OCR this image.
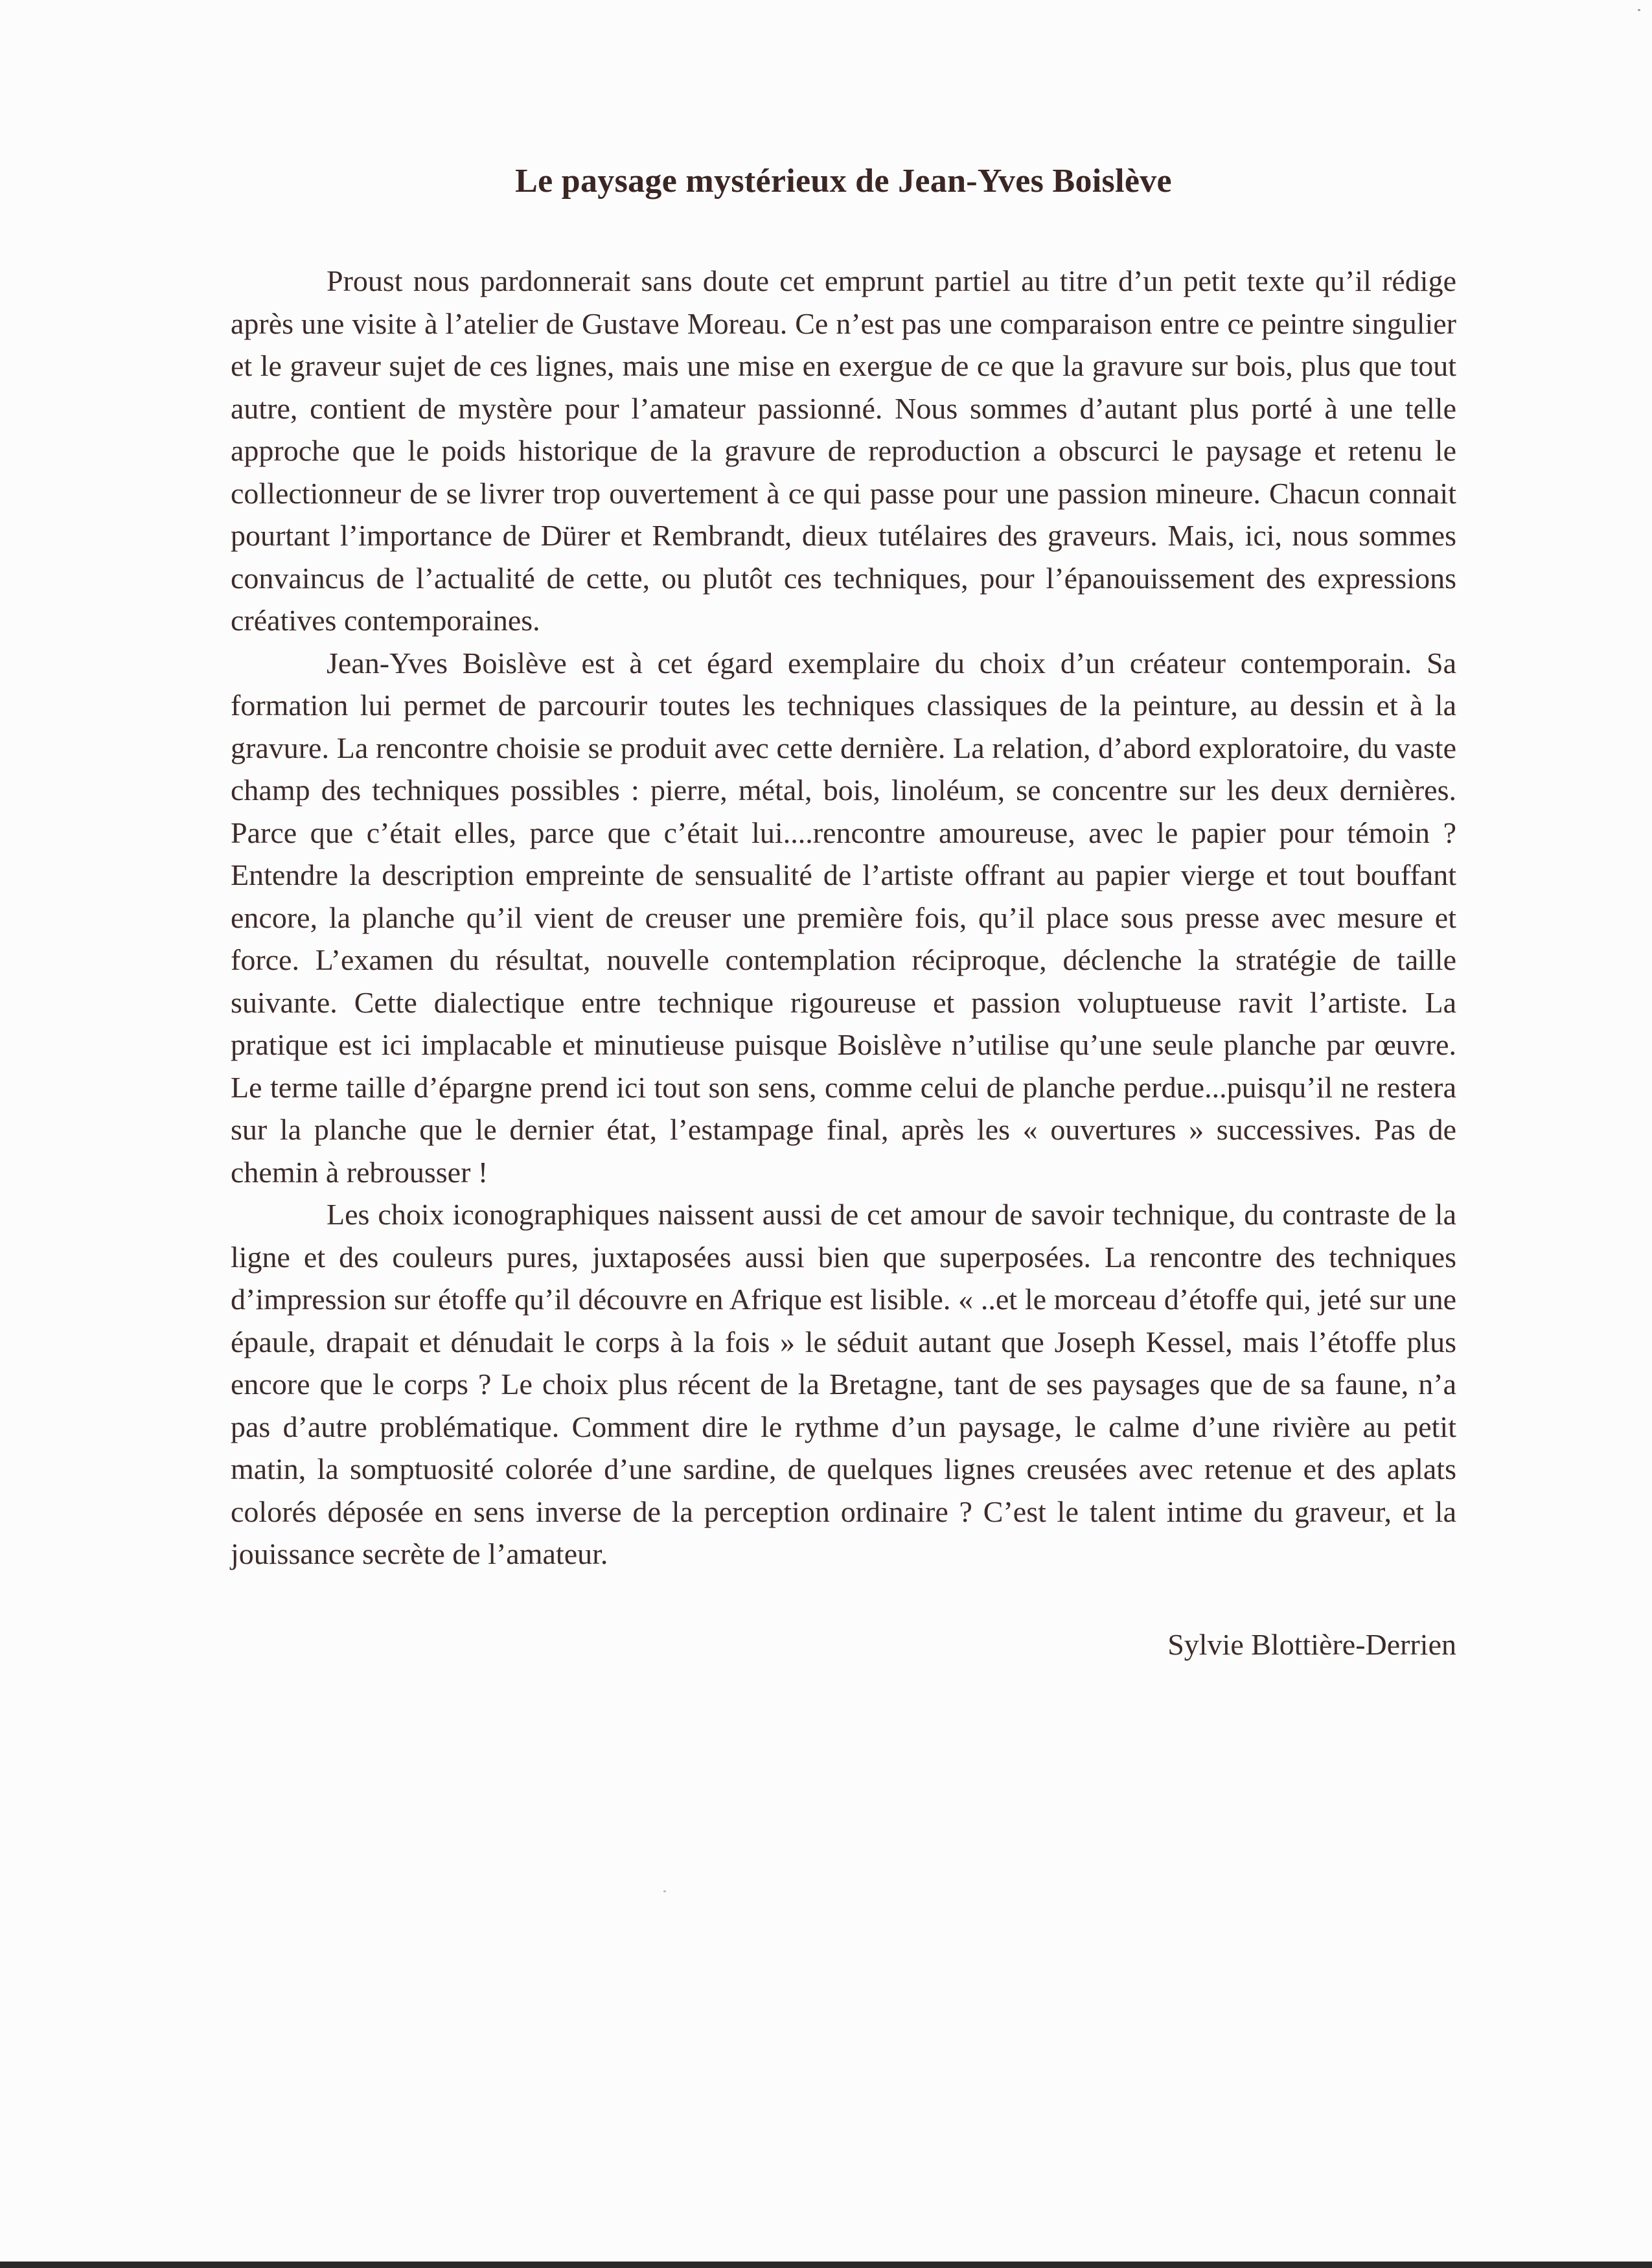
Le paysage mystérieux de Jean-Yves Boislève

Proust nous pardonnerait sans doute cet emprunt partiel au titre d’un petit texte qu’il rédige après une visite à l’atelier de Gustave Moreau. Ce n’est pas une comparaison entre ce peintre singulier et le graveur sujet de ces lignes, mais une mise en exergue de ce que la gravure sur bois, plus que tout autre, contient de mystère pour l’amateur passionné. Nous sommes d’autant plus porté à une telle approche que le poids historique de la gravure de reproduction a obscurci le paysage et retenu le collectionneur de se livrer trop ouvertement à ce qui passe pour une passion mineure. Chacun connait pourtant l’importance de Dürer et Rembrandt, dieux tutélaires des graveurs. Mais, ici, nous sommes convaincus de l’actualité de cette, ou plutôt ces techniques, pour l’épanouissement des expressions créatives contemporaines.

Jean-Yves Boislève est à cet égard exemplaire du choix d’un créateur contemporain. Sa formation lui permet de parcourir toutes les techniques classiques de la peinture, au dessin et à la gravure. La rencontre choisie se produit avec cette dernière. La relation, d’abord exploratoire, du vaste champ des techniques possibles : pierre, métal, bois, linoléum, se concentre sur les deux dernières. Parce que c’était elles, parce que c’était lui....rencontre amoureuse, avec le papier pour témoin ? Entendre la description empreinte de sensualité de l’artiste offrant au papier vierge et tout bouffant encore, la planche qu’il vient de creuser une première fois, qu’il place sous presse avec mesure et force. L’examen du résultat, nouvelle contemplation réciproque, déclenche la stratégie de taille suivante. Cette dialectique entre technique rigoureuse et passion voluptueuse ravit l’artiste. La pratique est ici implacable et minutieuse puisque Boislève n’utilise qu’une seule planche par œuvre. Le terme taille d’épargne prend ici tout son sens, comme celui de planche perdue...puisqu’il ne restera sur la planche que le dernier état, l’estampage final, après les « ouvertures » successives. Pas de chemin à rebrousser !

Les choix iconographiques naissent aussi de cet amour de savoir technique, du contraste de la ligne et des couleurs pures, juxtaposées aussi bien que superposées. La rencontre des techniques d’impression sur étoffe qu’il découvre en Afrique est lisible. « ..et le morceau d’étoffe qui, jeté sur une épaule, drapait et dénudait le corps à la fois » le séduit autant que Joseph Kessel, mais l’étoffe plus encore que le corps ? Le choix plus récent de la Bretagne, tant de ses paysages que de sa faune, n’a pas d’autre problématique. Comment dire le rythme d’un paysage, le calme d’une rivière au petit matin, la somptuosité colorée d’une sardine, de quelques lignes creusées avec retenue et des aplats colorés déposée en sens inverse de la perception ordinaire ? C’est le talent intime du graveur, et la jouissance secrète de l’amateur.

Sylvie Blottière-Derrien
